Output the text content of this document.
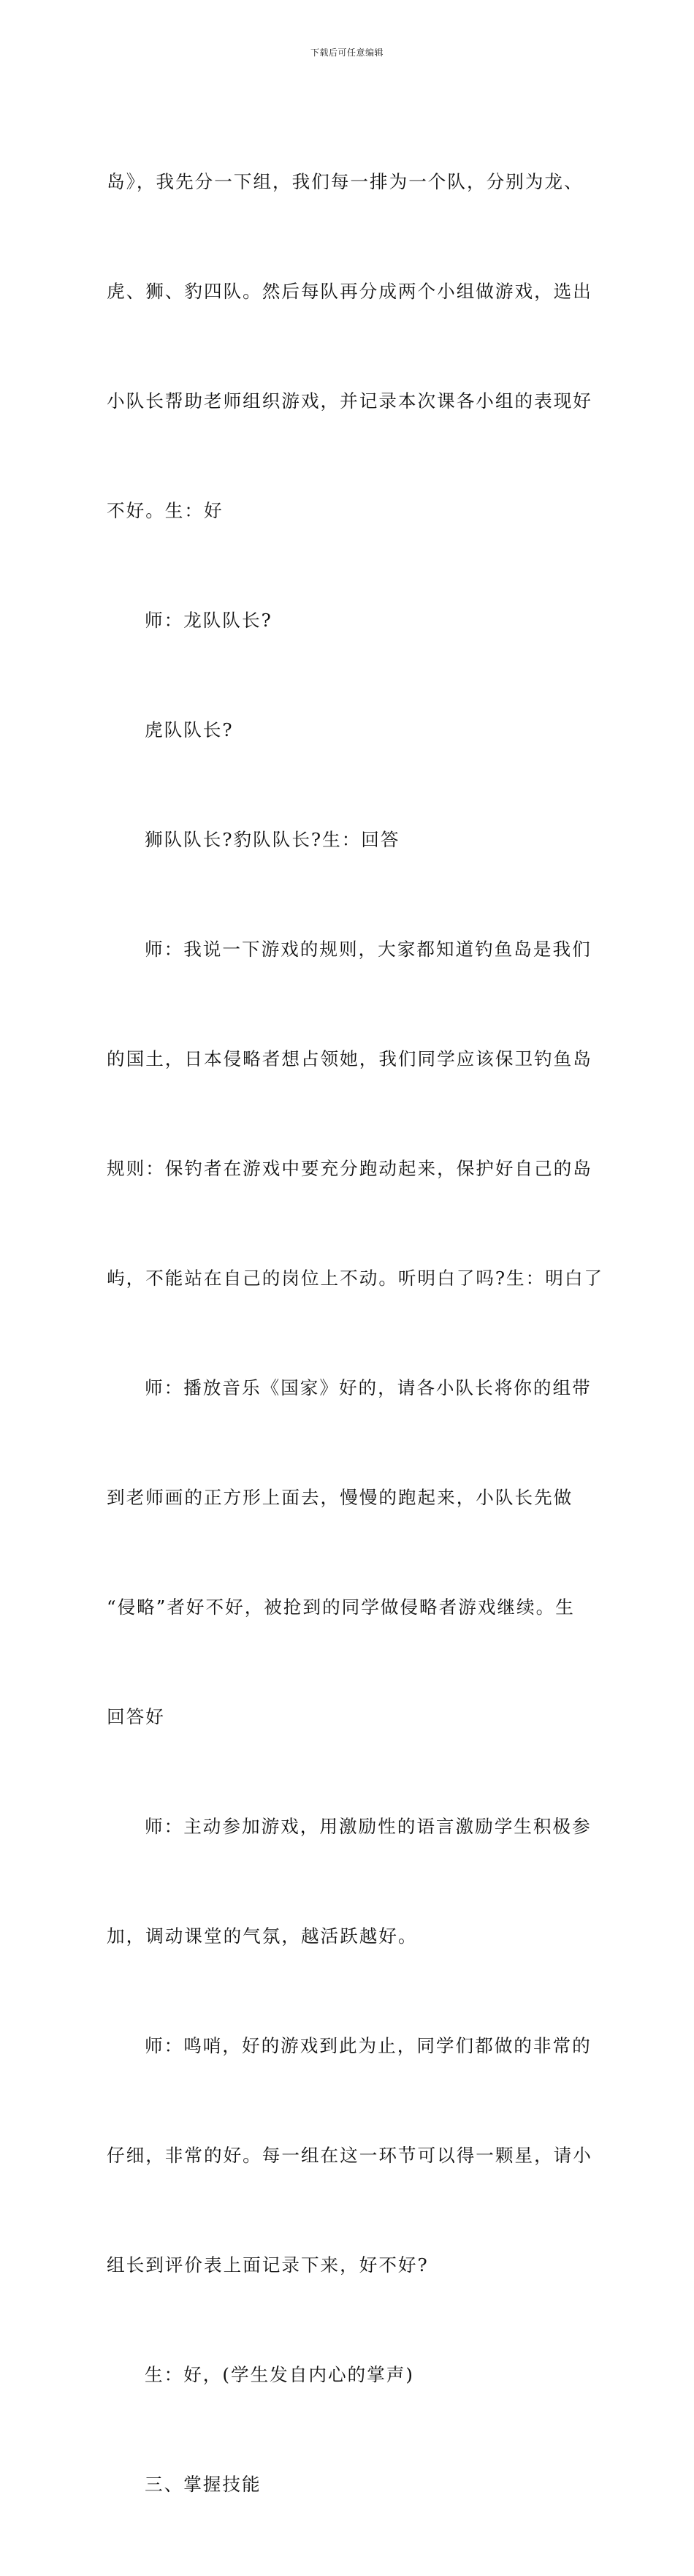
下载后可任意编辑

岛》，我先分一下组，我们每一排为一个队，分别为龙、

虎、狮、豹四队。然后每队再分成两个小组做游戏，选出

小队长帮助老师组织游戏，并记录本次课各小组的表现好

不好。生：好

师：龙队队长?

虎队队长?

狮队队长?豹队队长?生：回答

师：我说一下游戏的规则，大家都知道钓鱼岛是我们

的国土，日本侵略者想占领她，我们同学应该保卫钓鱼岛

规则：保钓者在游戏中要充分跑动起来，保护好自己的岛

屿，不能站在自己的岗位上不动。听明白了吗?生：明白了

师：播放音乐《国家》好的，请各小队长将你的组带

到老师画的正方形上面去，慢慢的跑起来，小队长先做

“侵略”者好不好，被抢到的同学做侵略者游戏继续。生

回答好

师：主动参加游戏，用激励性的语言激励学生积极参

加，调动课堂的气氛，越活跃越好。

师：鸣哨，好的游戏到此为止，同学们都做的非常的

仔细，非常的好。每一组在这一环节可以得一颗星，请小

组长到评价表上面记录下来，好不好?

生：好，(学生发自内心的掌声)

三、掌握技能
